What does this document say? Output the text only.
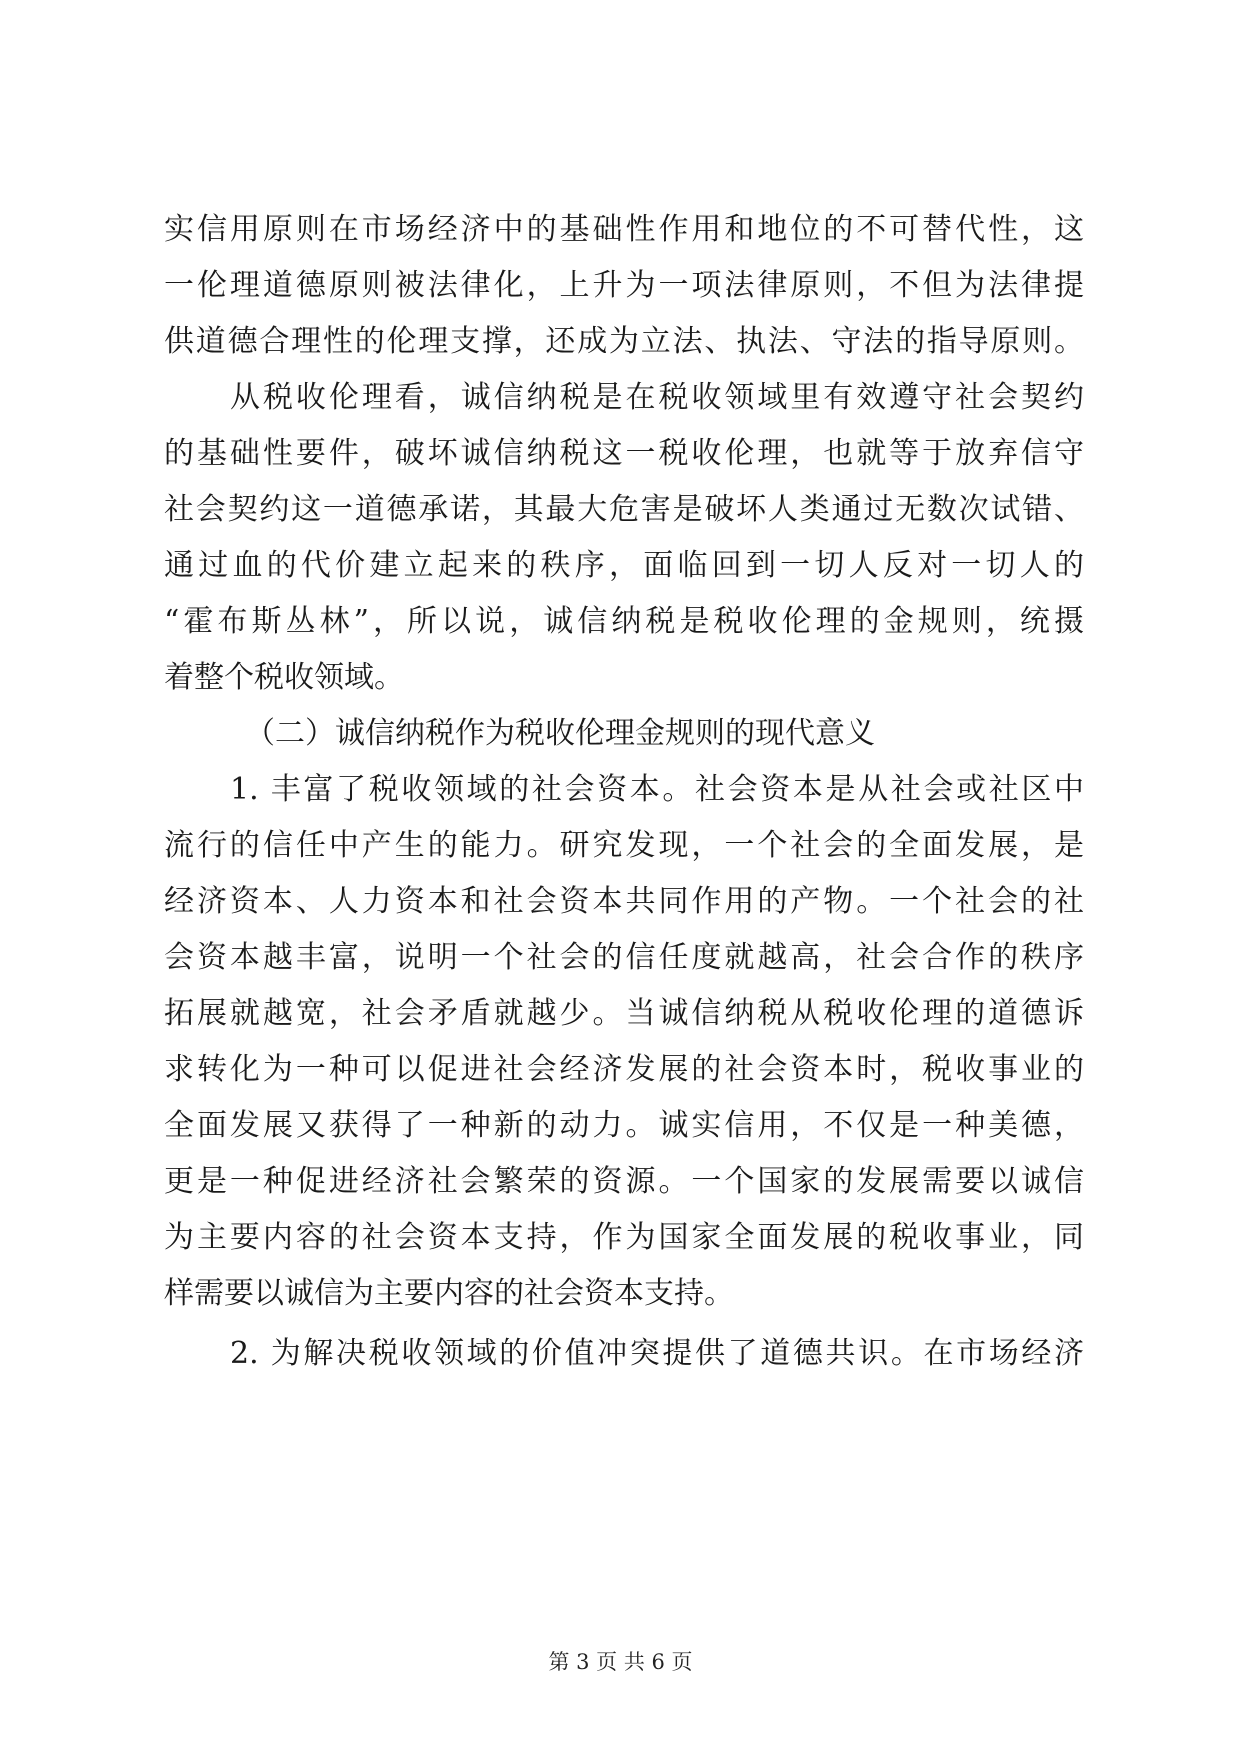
实信用原则在市场经济中的基础性作用和地位的不可替代性，这
一伦理道德原则被法律化，上升为一项法律原则，不但为法律提
供道德合理性的伦理支撑，还成为立法、执法、守法的指导原则。
从税收伦理看，诚信纳税是在税收领域里有效遵守社会契约
的基础性要件，破坏诚信纳税这一税收伦理，也就等于放弃信守
社会契约这一道德承诺，其最大危害是破坏人类通过无数次试错、
通过血的代价建立起来的秩序，面临回到一切人反对一切人的
“霍布斯丛林”，所以说，诚信纳税是税收伦理的金规则，统摄
着整个税收领域。
（二）诚信纳税作为税收伦理金规则的现代意义
1. 丰富了税收领域的社会资本。社会资本是从社会或社区中
流行的信任中产生的能力。研究发现，一个社会的全面发展，是
经济资本、人力资本和社会资本共同作用的产物。一个社会的社
会资本越丰富，说明一个社会的信任度就越高，社会合作的秩序
拓展就越宽，社会矛盾就越少。当诚信纳税从税收伦理的道德诉
求转化为一种可以促进社会经济发展的社会资本时，税收事业的
全面发展又获得了一种新的动力。诚实信用，不仅是一种美德，
更是一种促进经济社会繁荣的资源。一个国家的发展需要以诚信
为主要内容的社会资本支持，作为国家全面发展的税收事业，同
样需要以诚信为主要内容的社会资本支持。
2. 为解决税收领域的价值冲突提供了道德共识。在市场经济
第 3 页 共 6 页
